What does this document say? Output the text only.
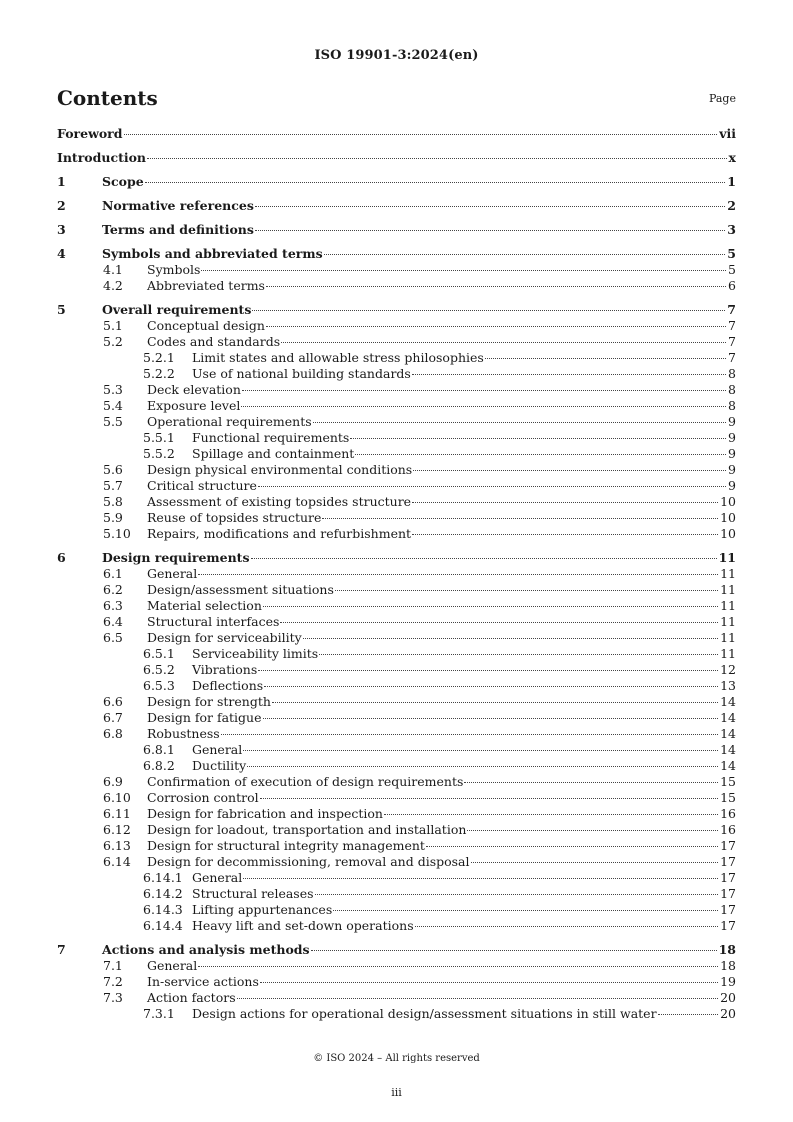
ISO 19901-3:2024(en)
Contents	Page
Foreword	vii
Introduction	x
1	Scope	1
2	Normative references	2
3	Terms and definitions	3
4	Symbols and abbreviated terms	5
4.1 Symbols	5
4.2 Abbreviated terms	6
5	Overall requirements	7
5.1 Conceptual design	7
5.2 Codes and standards	7
5.2.1 Limit states and allowable stress philosophies	7
5.2.2 Use of national building standards	8
5.3 Deck elevation	8
5.4 Exposure level	8
5.5 Operational requirements	9
5.5.1 Functional requirements	9
5.5.2 Spillage and containment	9
5.6 Design physical environmental conditions	9
5.7 Critical structure	9
5.8 Assessment of existing topsides structure	10
5.9 Reuse of topsides structure	10
5.10 Repairs, modifications and refurbishment	10
6	Design requirements	11
6.1 General	11
6.2 Design/assessment situations	11
6.3 Material selection	11
6.4 Structural interfaces	11
6.5 Design for serviceability	11
6.5.1 Serviceability limits	11
6.5.2 Vibrations	12
6.5.3 Deflections	13
6.6 Design for strength	14
6.7 Design for fatigue	14
6.8 Robustness	14
6.8.1 General	14
6.8.2 Ductility	14
6.9 Confirmation of execution of design requirements	15
6.10 Corrosion control	15
6.11 Design for fabrication and inspection	16
6.12 Design for loadout, transportation and installation	16
6.13 Design for structural integrity management	17
6.14 Design for decommissioning, removal and disposal	17
6.14.1 General	17
6.14.2 Structural releases	17
6.14.3 Lifting appurtenances	17
6.14.4 Heavy lift and set-down operations	17
7	Actions and analysis methods	18
7.1 General	18
7.2 In-service actions	19
7.3 Action factors	20
7.3.1 Design actions for operational design/assessment situations in still water	20
© ISO 2024 – All rights reserved
iii
